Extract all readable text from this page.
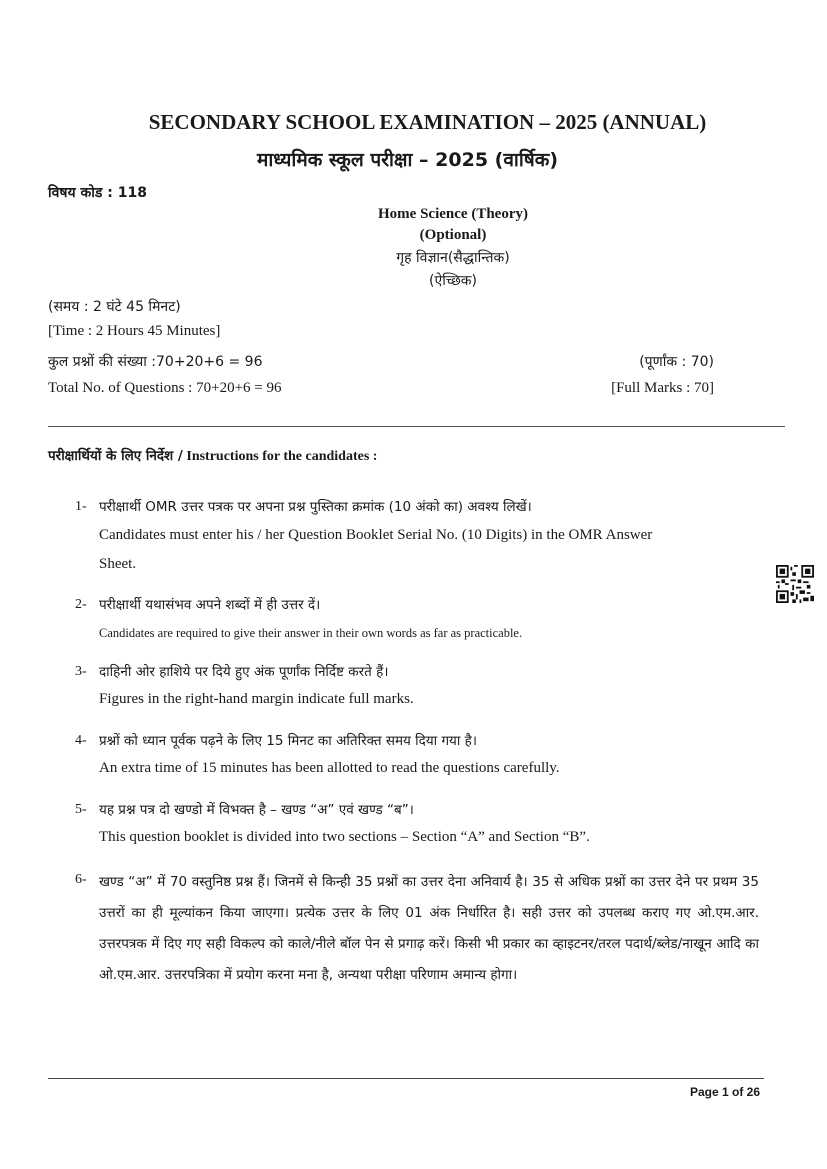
SECONDARY SCHOOL EXAMINATION – 2025 (ANNUAL)
माध्यमिक स्कूल परीक्षा – 2025 (वार्षिक)
विषय कोड : 118
Home Science (Theory)
(Optional)
गृह विज्ञान(सैद्धान्तिक)
(ऐच्छिक)
(समय : 2 घंटे 45 मिनट)
[Time : 2 Hours 45 Minutes]
कुल प्रश्नों की संख्या :70+20+6 = 96	(पूर्णांक : 70)
Total No. of Questions : 70+20+6 = 96	[Full Marks : 70]
परीक्षार्थियों के लिए निर्देश / Instructions for the candidates :
1- परीक्षार्थी OMR उत्तर पत्रक पर अपना प्रश्न पुस्तिका क्रमांक (10 अंको का) अवश्य लिखें।
Candidates must enter his / her Question Booklet Serial No. (10 Digits) in the OMR Answer
Sheet.
2- परीक्षार्थी यथासंभव अपने शब्दों में ही उत्तर दें।
Candidates are required to give their answer in their own words as far as practicable.
3- दाहिनी ओर हाशिये पर दिये हुए अंक पूर्णांक निर्दिष्ट करते हैं।
Figures in the right-hand margin indicate full marks.
4- प्रश्नों को ध्यान पूर्वक पढ़ने के लिए 15 मिनट का अतिरिक्त समय दिया गया है।
An extra time of 15 minutes has been allotted to read the questions carefully.
5- यह प्रश्न पत्र दो खण्डो में विभक्त है – खण्ड “अ” एवं खण्ड “ब”।
This question booklet is divided into two sections – Section “A” and Section “B”.
6- खण्ड “अ” में 70 वस्तुनिष्ठ प्रश्न हैं। जिनमें से किन्ही 35 प्रश्नों का उत्तर देना अनिवार्य है। 35 से अधिक प्रश्नों का उत्तर देने पर प्रथम 35 उत्तरों का ही मूल्यांकन किया जाएगा। प्रत्येक उत्तर के लिए 01 अंक निर्धारित है। सही उत्तर को उपलब्ध कराए गए ओ.एम.आर. उत्तरपत्रक में दिए गए सही विकल्प को काले/नीले बॉल पेन से प्रगाढ़ करें। किसी भी प्रकार का व्हाइटनर/तरल पदार्थ/ब्लेड/नाखून आदि का ओ.एम.आर. उत्तरपत्रिका में प्रयोग करना मना है, अन्यथा परीक्षा परिणाम अमान्य होगा।
Page 1 of 26
